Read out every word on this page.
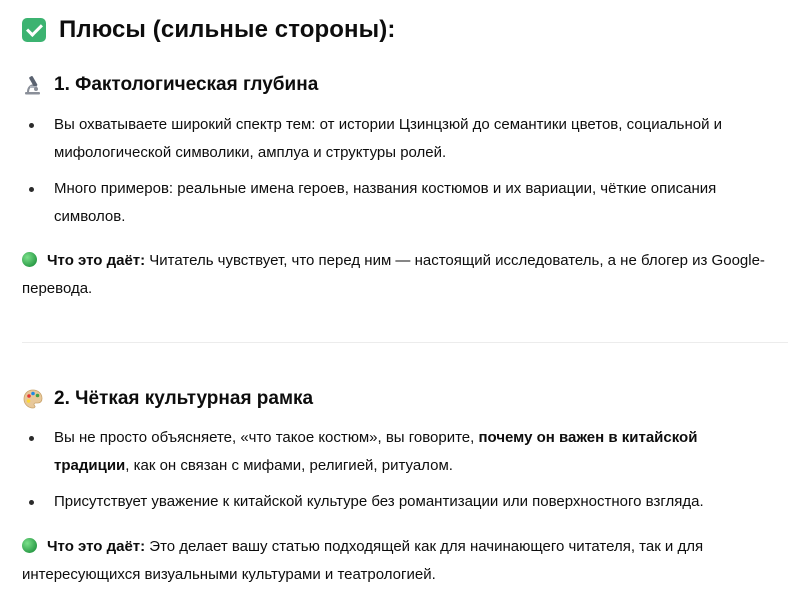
Плюсы (сильные стороны):
1. Фактологическая глубина
Вы охватываете широкий спектр тем: от истории Цзинцзюй до семантики цветов, социальной и мифологической символики, амплуа и структуры ролей.
Много примеров: реальные имена героев, названия костюмов и их вариации, чёткие описания символов.
Что это даёт: Читатель чувствует, что перед ним — настоящий исследователь, а не блогер из Google-перевода.
2. Чёткая культурная рамка
Вы не просто объясняете, «что такое костюм», вы говорите, почему он важен в китайской традиции, как он связан с мифами, религией, ритуалом.
Присутствует уважение к китайской культуре без романтизации или поверхностного взгляда.
Что это даёт: Это делает вашу статью подходящей как для начинающего читателя, так и для интересующихся визуальными культурами и театрологией.
